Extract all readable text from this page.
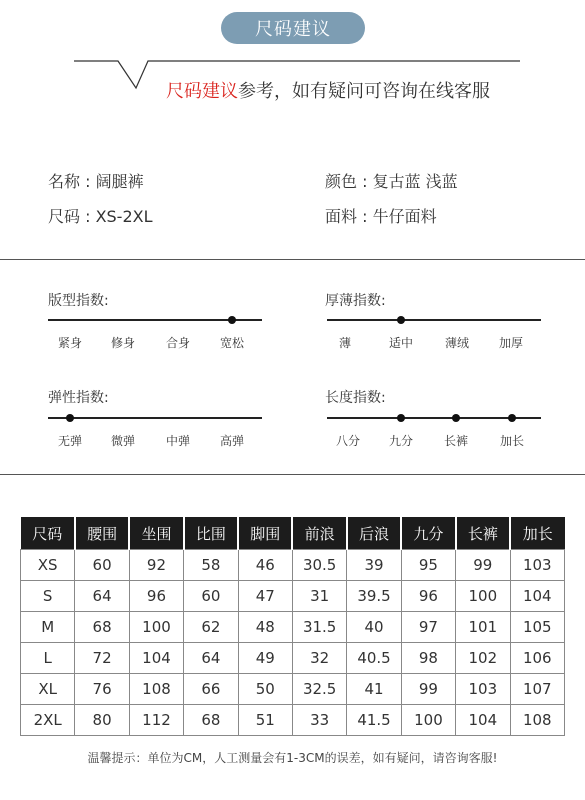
尺码建议
尺码建议参考，如有疑问可咨询在线客服
名称 : 阔腿裤
尺码 : XS-2XL
颜色 : 复古蓝 浅蓝
面料 : 牛仔面料
版型指数:
紧身 修身	合身 宽松
厚薄指数:
薄	适中	薄绒 加厚
弹性指数:
无弹 微弹	中弹 高弹
长度指数:
八分 九分	长裤	加长
尺码	腰围	坐围	比围	脚围	前浪	后浪	九分	长裤	加长
XS	60	92	58	46	30.5	39	95	99	103
S	64	96	60	47	31	39.5	96	100	104
M	68	100	62	48	31.5	40	97	101	105
L	72	104	64	49	32	40.5	98	102	106
XL	76	108	66	50	32.5	41	99	103	107
2XL	80	112	68	51	33	41.5	100	104	108
温馨提示：单位为CM，人工测量会有1-3CM的误差，如有疑问，请咨询客服!
